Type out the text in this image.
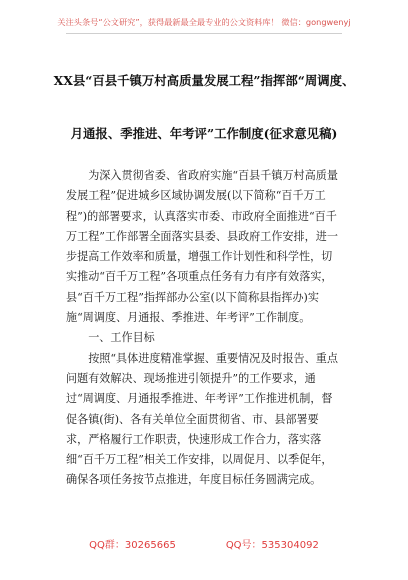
关注头条号“公文研究”，获得最新最全最专业的公文资料库！ 微信：gongwenyj
XX县“百县千镇万村高质量发展工程”指挥部“周调度、
月通报、季推进、年考评”工作制度(征求意见稿)

为深入贯彻省委、省政府实施“百县千镇万村高质量发展工程”促进城乡区域协调发展(以下简称“百千万工程”)的部署要求，认真落实市委、市政府全面推进“百千万工程”工作部署全面落实县委、县政府工作安排，进一步提高工作效率和质量，增强工作计划性和科学性，切实推动“百千万工程”各项重点任务有力有序有效落实，县“百千万工程”指挥部办公室(以下简称县指挥办)实施“周调度、月通报、季推进、年考评”工作制度。

一、工作目标

按照“具体进度精准掌握、重要情况及时报告、重点问题有效解决、现场推进引领提升”的工作要求，通过“周调度、月通报季推进、年考评”工作推进机制，督促各镇(街)、各有关单位全面贯彻省、市、县部署要求，严格履行工作职责，快速形成工作合力，落实落细“百千万工程”相关工作安排，以周促月、以季促年，确保各项任务按节点推进，年度目标任务圆满完成。

QQ群：30265665	QQ号：535304092
